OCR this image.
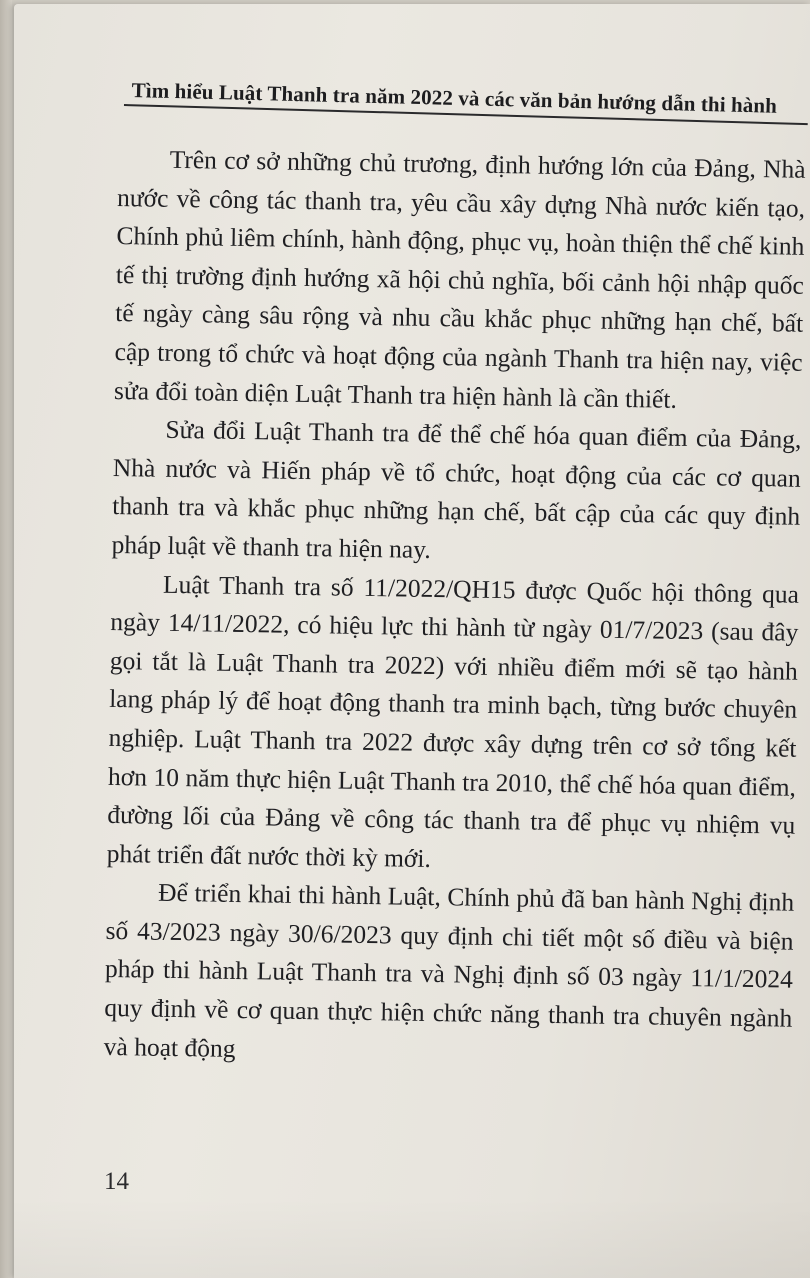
Tìm hiểu Luật Thanh tra năm 2022 và các văn bản hướng dẫn thi hành

Trên cơ sở những chủ trương, định hướng lớn của Đảng, Nhà nước về công tác thanh tra, yêu cầu xây dựng Nhà nước kiến tạo, Chính phủ liêm chính, hành động, phục vụ, hoàn thiện thể chế kinh tế thị trường định hướng xã hội chủ nghĩa, bối cảnh hội nhập quốc tế ngày càng sâu rộng và nhu cầu khắc phục những hạn chế, bất cập trong tổ chức và hoạt động của ngành Thanh tra hiện nay, việc sửa đổi toàn diện Luật Thanh tra hiện hành là cần thiết.

Sửa đổi Luật Thanh tra để thể chế hóa quan điểm của Đảng, Nhà nước và Hiến pháp về tổ chức, hoạt động của các cơ quan thanh tra và khắc phục những hạn chế, bất cập của các quy định pháp luật về thanh tra hiện nay.

Luật Thanh tra số 11/2022/QH15 được Quốc hội thông qua ngày 14/11/2022, có hiệu lực thi hành từ ngày 01/7/2023 (sau đây gọi tắt là Luật Thanh tra 2022) với nhiều điểm mới sẽ tạo hành lang pháp lý để hoạt động thanh tra minh bạch, từng bước chuyên nghiệp. Luật Thanh tra 2022 được xây dựng trên cơ sở tổng kết hơn 10 năm thực hiện Luật Thanh tra 2010, thể chế hóa quan điểm, đường lối của Đảng về công tác thanh tra để phục vụ nhiệm vụ phát triển đất nước thời kỳ mới.

Để triển khai thi hành Luật, Chính phủ đã ban hành Nghị định số 43/2023 ngày 30/6/2023 quy định chi tiết một số điều và biện pháp thi hành Luật Thanh tra và Nghị định số 03 ngày 11/1/2024 quy định về cơ quan thực hiện chức năng thanh tra chuyên ngành và hoạt động

14
